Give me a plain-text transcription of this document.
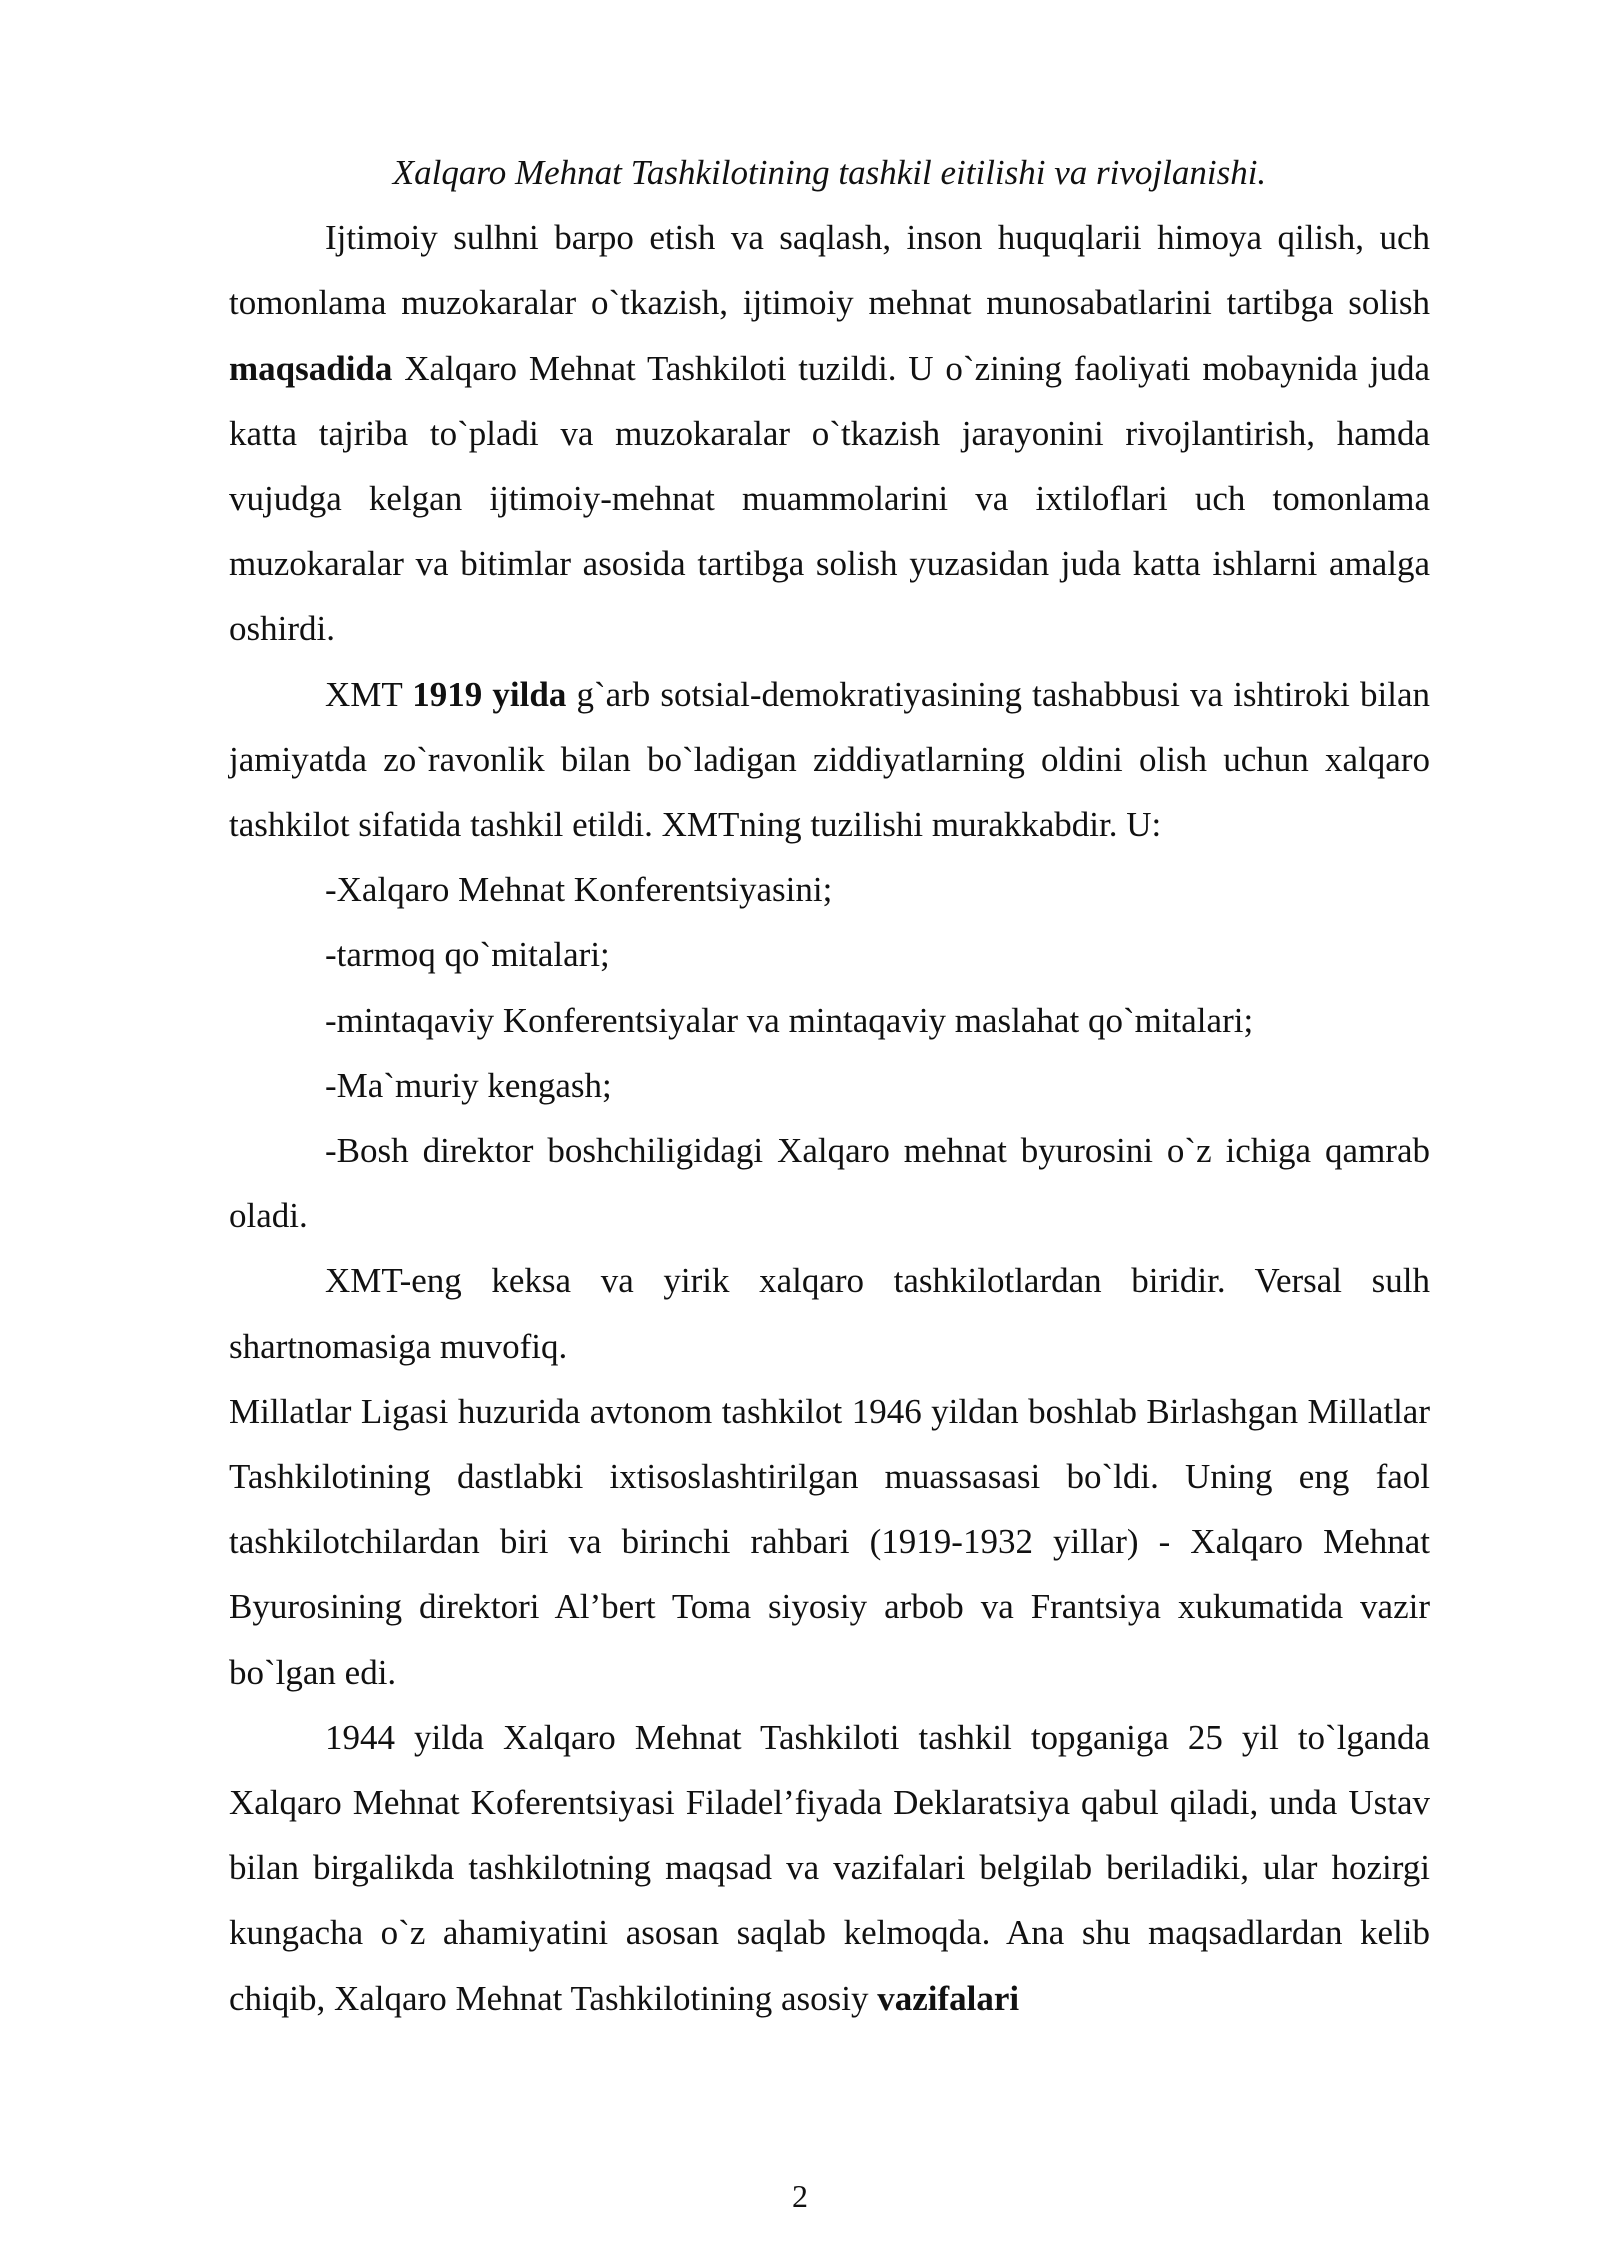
Xalqaro Mehnat Tashkilotining tashkil eitilishi va rivojlanishi.

Ijtimoiy sulhni barpo etish va saqlash, inson huquqlarii himoya qilish, uch tomonlama muzokaralar o`tkazish, ijtimoiy mehnat munosabatlarini tartibga solish maqsadida Xalqaro Mehnat Tashkiloti tuzildi. U o`zining faoliyati mobaynida juda katta tajriba to`pladi va muzokaralar o`tkazish jarayonini rivojlantirish, hamda vujudga kelgan ijtimoiy-mehnat muammolarini va ixtiloflari uch tomonlama muzokaralar va bitimlar asosida tartibga solish yuzasidan juda katta ishlarni amalga oshirdi.

XMT 1919 yilda g`arb sotsial-demokratiyasining tashabbusi va ishtiroki bilan jamiyatda zo`ravonlik bilan bo`ladigan ziddiyatlarning oldini olish uchun xalqaro tashkilot sifatida tashkil etildi. XMTning tuzilishi murakkabdir. U:

-Xalqaro Mehnat Konferentsiyasini;

-tarmoq qo`mitalari;

-mintaqaviy Konferentsiyalar va mintaqaviy maslahat qo`mitalari;

-Ma`muriy kengash;

-Bosh direktor boshchiligidagi Xalqaro mehnat byurosini o`z ichiga qamrab oladi.

XMT-eng keksa va yirik xalqaro tashkilotlardan biridir. Versal sulh shartnomasiga muvofiq.

Millatlar Ligasi huzurida avtonom tashkilot 1946 yildan boshlab Birlashgan Millatlar Tashkilotining dastlabki ixtisoslashtirilgan muassasasi bo`ldi. Uning eng faol tashkilotchilardan biri va birinchi rahbari (1919-1932 yillar) - Xalqaro Mehnat Byurosining direktori Al’bert Toma siyosiy arbob va Frantsiya xukumatida vazir bo`lgan edi.

1944 yilda Xalqaro Mehnat Tashkiloti tashkil topganiga 25 yil to`lganda Xalqaro Mehnat Koferentsiyasi Filadel’fiyada Deklaratsiya qabul qiladi, unda Ustav bilan birgalikda tashkilotning maqsad va vazifalari belgilab beriladiki, ular hozirgi kungacha o`z ahamiyatini asosan saqlab kelmoqda. Ana shu maqsadlardan kelib chiqib, Xalqaro Mehnat Tashkilotining asosiy vazifalari

2
